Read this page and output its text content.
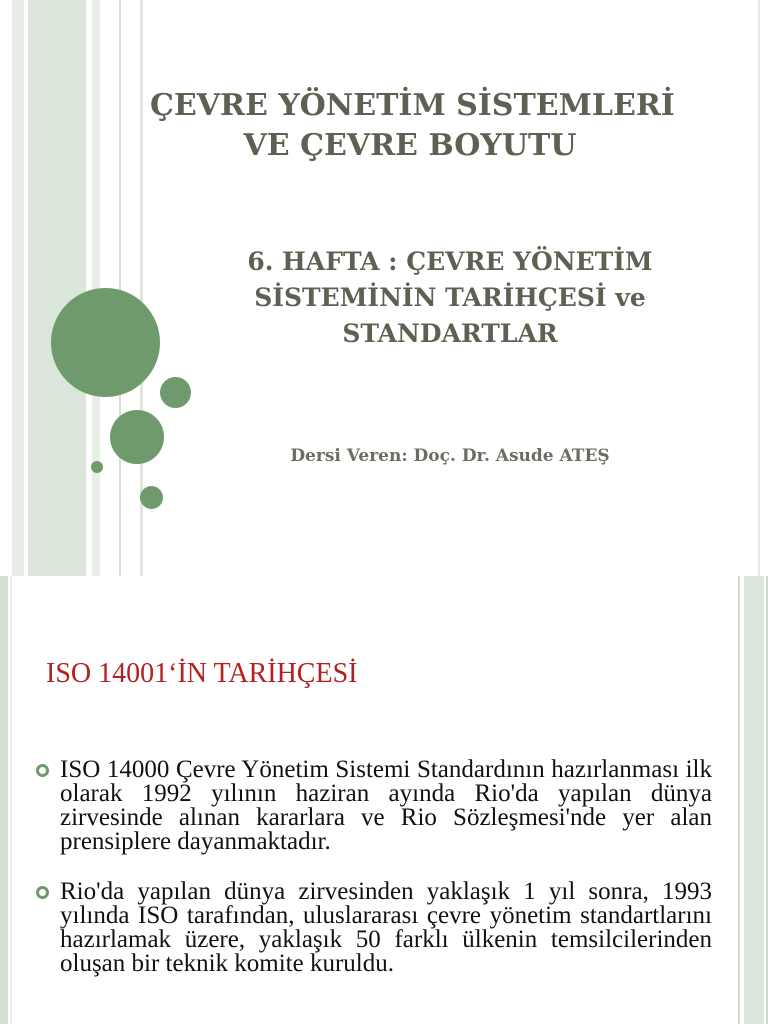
ÇEVRE YÖNETİM SİSTEMLERİ
VE ÇEVRE BOYUTU
6. HAFTA : ÇEVRE YÖNETİM
SİSTEMİNİN TARİHÇESİ ve
STANDARTLAR
Dersi Veren: Doç. Dr. Asude ATEŞ
ISO 14001‘İN TARİHÇESİ
ISO 14000 Çevre Yönetim Sistemi Standardının hazırlanması ilk olarak 1992 yılının haziran ayında Rio'da yapılan dünya zirvesinde alınan kararlara ve Rio Sözleşmesi'nde yer alan prensiplere dayanmaktadır.
Rio'da yapılan dünya zirvesinden yaklaşık 1 yıl sonra, 1993 yılında ISO tarafından, uluslararası çevre yönetim standartlarını hazırlamak üzere, yaklaşık 50 farklı ülkenin temsilcilerinden oluşan bir teknik komite kuruldu.
